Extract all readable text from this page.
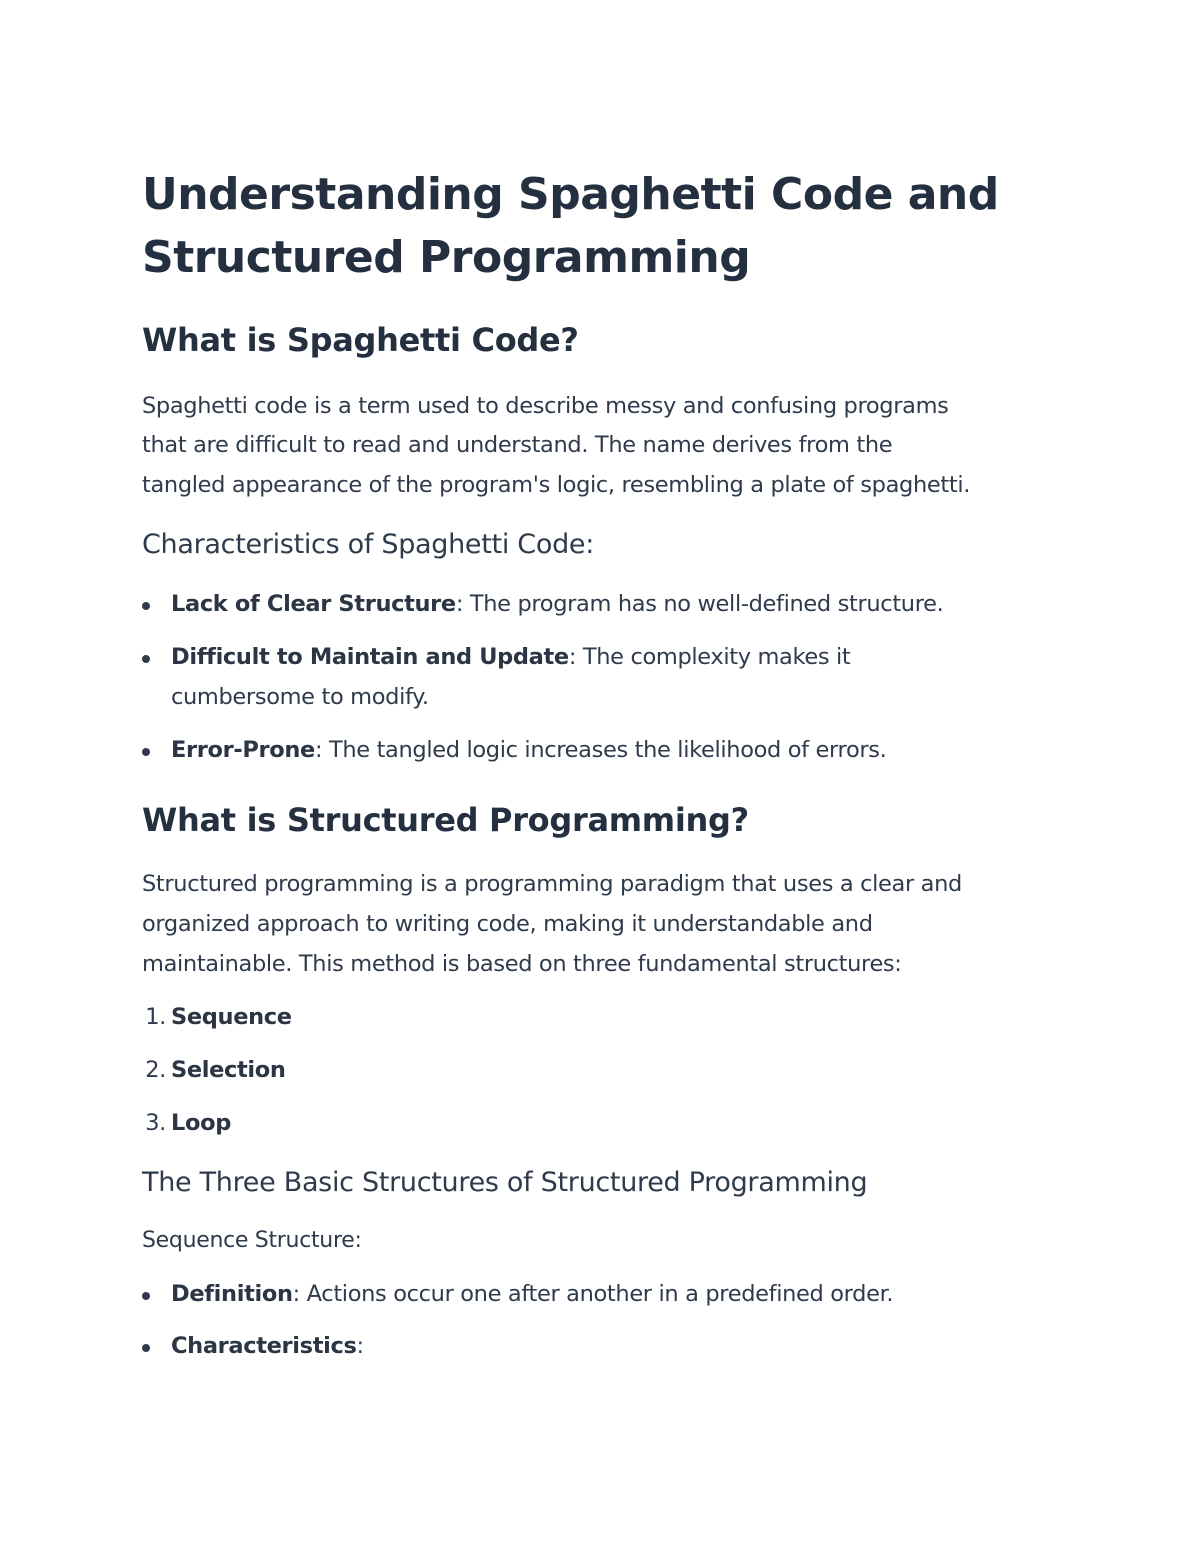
Understanding Spaghetti Code and
Structured Programming
What is Spaghetti Code?
Spaghetti code is a term used to describe messy and confusing programs
that are difficult to read and understand. The name derives from the
tangled appearance of the program's logic, resembling a plate of spaghetti.
Characteristics of Spaghetti Code:
Lack of Clear Structure: The program has no well-defined structure.
Difficult to Maintain and Update: The complexity makes it
cumbersome to modify.
Error-Prone: The tangled logic increases the likelihood of errors.
What is Structured Programming?
Structured programming is a programming paradigm that uses a clear and
organized approach to writing code, making it understandable and
maintainable. This method is based on three fundamental structures:
1. Sequence
2. Selection
3. Loop
The Three Basic Structures of Structured Programming
Sequence Structure:
Definition: Actions occur one after another in a predefined order.
Characteristics:
